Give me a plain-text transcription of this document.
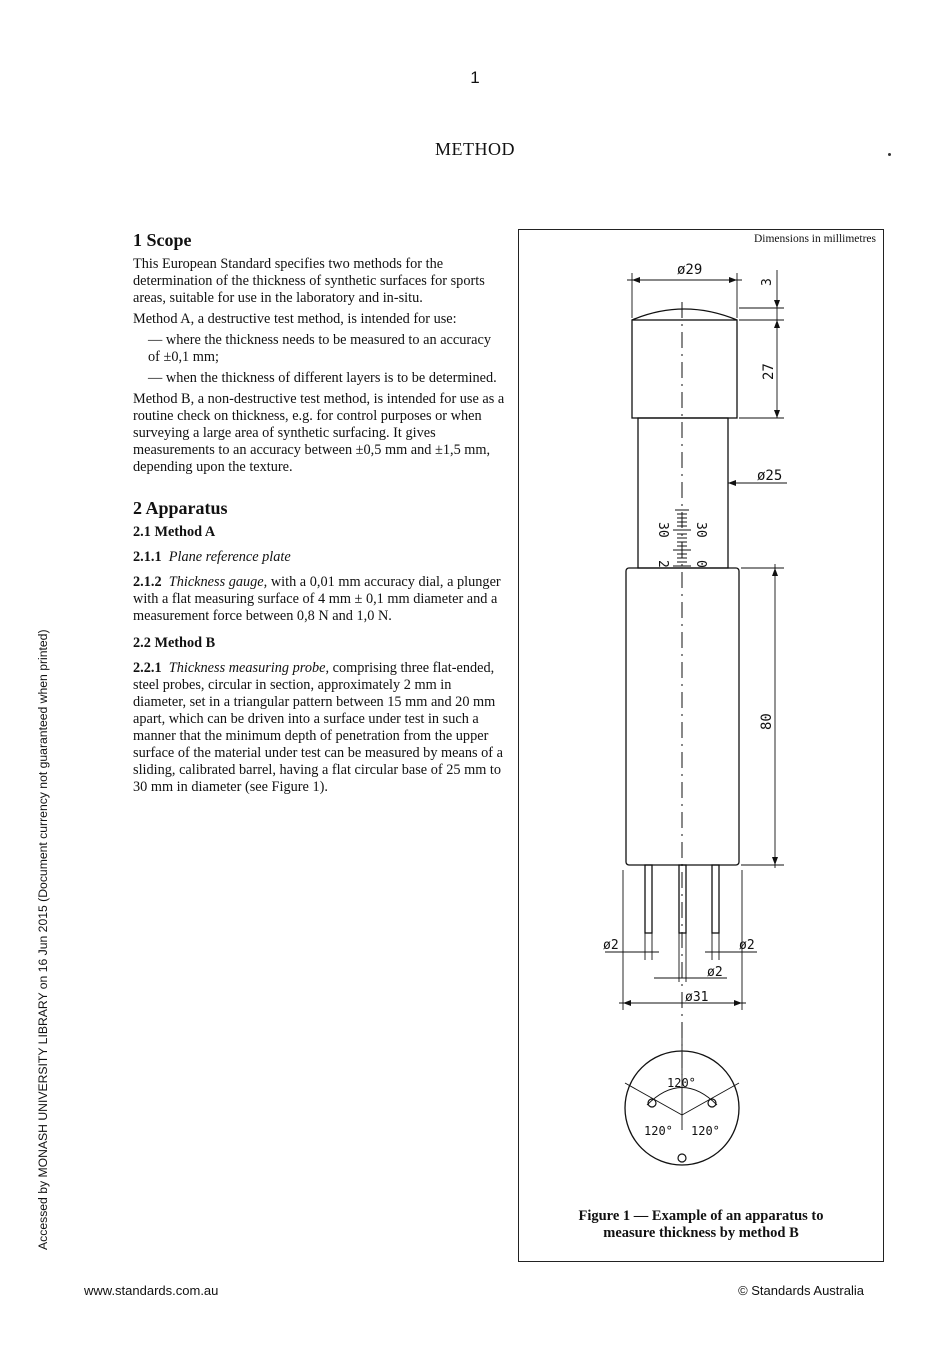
1
METHOD
Accessed by MONASH UNIVERSITY LIBRARY on 16 Jun 2015 (Document currency not guaranteed when printed)
1 Scope

This European Standard specifies two methods for the determination of the thickness of synthetic surfaces for sports areas, suitable for use in the laboratory and in-situ.

Method A, a destructive test method, is intended for use:

— where the thickness needs to be measured to an accuracy of ±0,1 mm;

— when the thickness of different layers is to be determined.

Method B, a non-destructive test method, is intended for use as a routine check on thickness, e.g. for control purposes or when surveying a large area of synthetic surfacing. It gives measurements to an accuracy between ±0,5 mm and ±1,5 mm, depending upon the texture.

2 Apparatus
2.1 Method A

2.1.1 Plane reference plate

2.1.2 Thickness gauge, with a 0,01 mm accuracy dial, a plunger with a flat measuring surface of 4 mm ± 0,1 mm diameter and a measurement force between 0,8 N and 1,0 N.

2.2 Method B

2.2.1 Thickness measuring probe, comprising three flat-ended, steel probes, circular in section, approximately 2 mm in diameter, set in a triangular pattern between 15 mm and 20 mm apart, which can be driven into a surface under test in such a manner that the minimum depth of penetration from the upper surface of the material under test can be measured by means of a sliding, calibrated barrel, having a flat circular base of 25 mm to 30 mm in diameter (see Figure 1).

Dimensions in millimetres
ø29
3
27
ø25
80
30
2
30
0
ø2	ø2
ø2
ø31
120°
120° 120°
Figure 1 — Example of an apparatus to
measure thickness by method B
www.standards.com.au	© Standards Australia
